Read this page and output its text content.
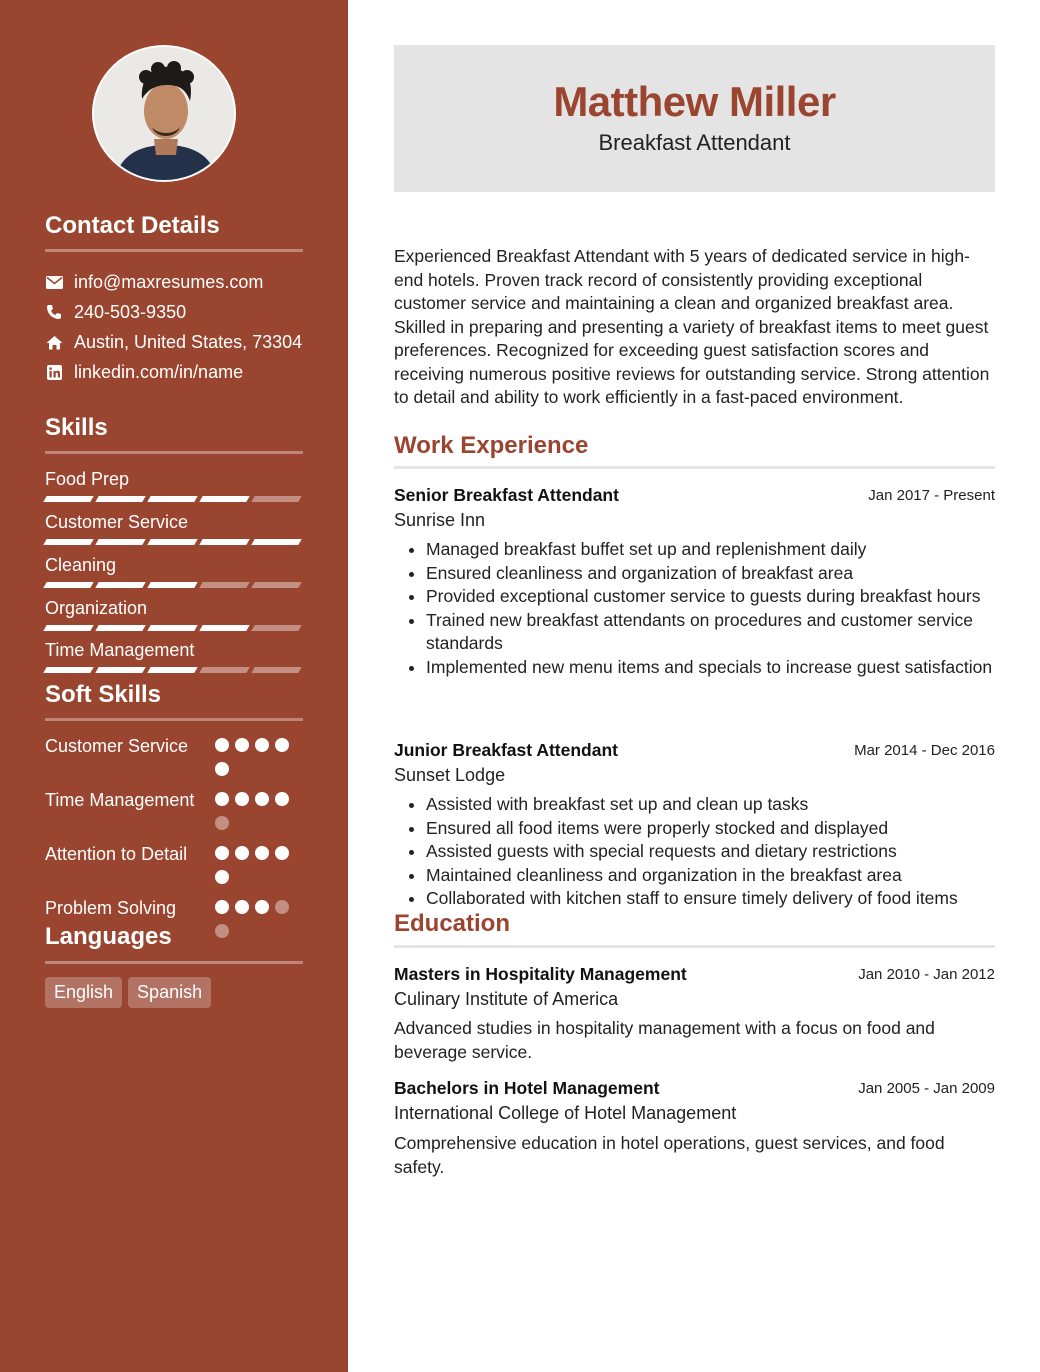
Contact Details
info@maxresumes.com
240-503-9350
Austin, United States, 73304
linkedin.com/in/name
Skills
Food Prep
Customer Service
Cleaning
Organization
Time Management
Soft Skills
Customer Service
Time Management
Attention to Detail
Problem Solving
Languages
English	Spanish
Matthew Miller
Breakfast Attendant
Experienced Breakfast Attendant with 5 years of dedicated service in high-end hotels. Proven track record of consistently providing exceptional customer service and maintaining a clean and organized breakfast area. Skilled in preparing and presenting a variety of breakfast items to meet guest preferences. Recognized for exceeding guest satisfaction scores and receiving numerous positive reviews for outstanding service. Strong attention to detail and ability to work efficiently in a fast-paced environment.
Work Experience
Senior Breakfast Attendant	Jan 2017 - Present
Sunrise Inn
• Managed breakfast buffet set up and replenishment daily
• Ensured cleanliness and organization of breakfast area
• Provided exceptional customer service to guests during breakfast hours
• Trained new breakfast attendants on procedures and customer service standards
• Implemented new menu items and specials to increase guest satisfaction
Junior Breakfast Attendant	Mar 2014 - Dec 2016
Sunset Lodge
• Assisted with breakfast set up and clean up tasks
• Ensured all food items were properly stocked and displayed
• Assisted guests with special requests and dietary restrictions
• Maintained cleanliness and organization in the breakfast area
• Collaborated with kitchen staff to ensure timely delivery of food items
Education
Masters in Hospitality Management	Jan 2010 - Jan 2012
Culinary Institute of America
Advanced studies in hospitality management with a focus on food and beverage service.
Bachelors in Hotel Management	Jan 2005 - Jan 2009
International College of Hotel Management
Comprehensive education in hotel operations, guest services, and food safety.
